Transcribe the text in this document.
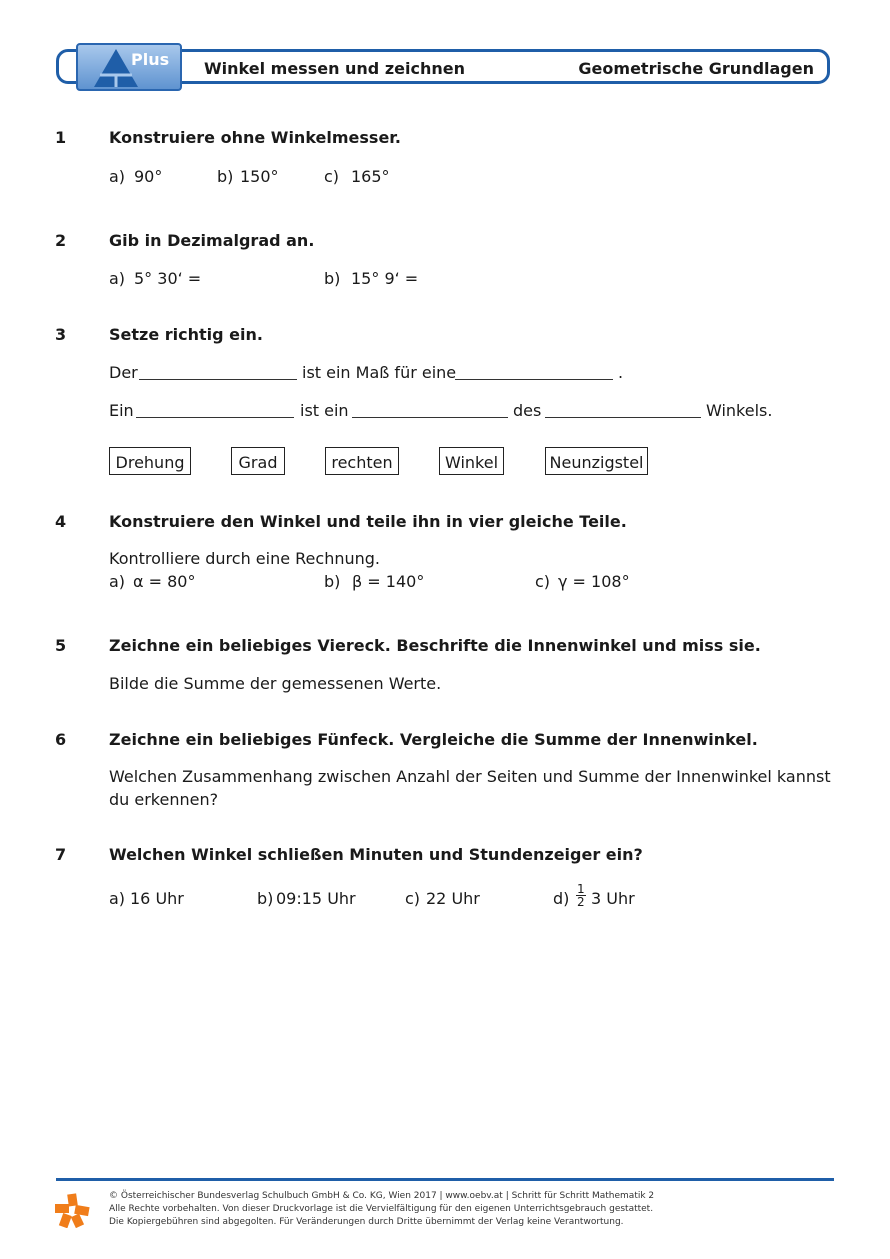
Plus Winkel messen und zeichnen	Geometrische Grundlagen
1	Konstruiere ohne Winkelmesser.
a) 90°	b) 150°	c) 165°
2	Gib in Dezimalgrad an.
a) 5° 30‘ =	b) 15° 9‘ =
3	Setze richtig ein.
Der	ist ein Maß für eine	.
Ein	ist ein	des	Winkels.
Drehung	Grad	rechten	Winkel	Neunzigstel
4	Konstruiere den Winkel und teile ihn in vier gleiche Teile.
Kontrolliere durch eine Rechnung.
a) α = 80°	b) β = 140°	c) γ = 108°
5	Zeichne ein beliebiges Viereck. Beschrifte die Innenwinkel und miss sie.
Bilde die Summe der gemessenen Werte.
6	Zeichne ein beliebiges Fünfeck. Vergleiche die Summe der Innenwinkel.
Welchen Zusammenhang zwischen Anzahl der Seiten und Summe der Innenwinkel kannst
du erkennen?
7	Welchen Winkel schließen Minuten und Stundenzeiger ein?
a) 16 Uhr	b) 09:15 Uhr	c) 22 Uhr	$d) \frac{1}{2} 3$ Uhr
© Österreichischer Bundesverlag Schulbuch GmbH & Co. KG, Wien 2017 | www.oebv.at | Schritt für Schritt Mathematik 2
Alle Rechte vorbehalten. Von dieser Druckvorlage ist die Vervielfältigung für den eigenen Unterrichtsgebrauch gestattet.
Die Kopiergebühren sind abgegolten. Für Veränderungen durch Dritte übernimmt der Verlag keine Verantwortung.
